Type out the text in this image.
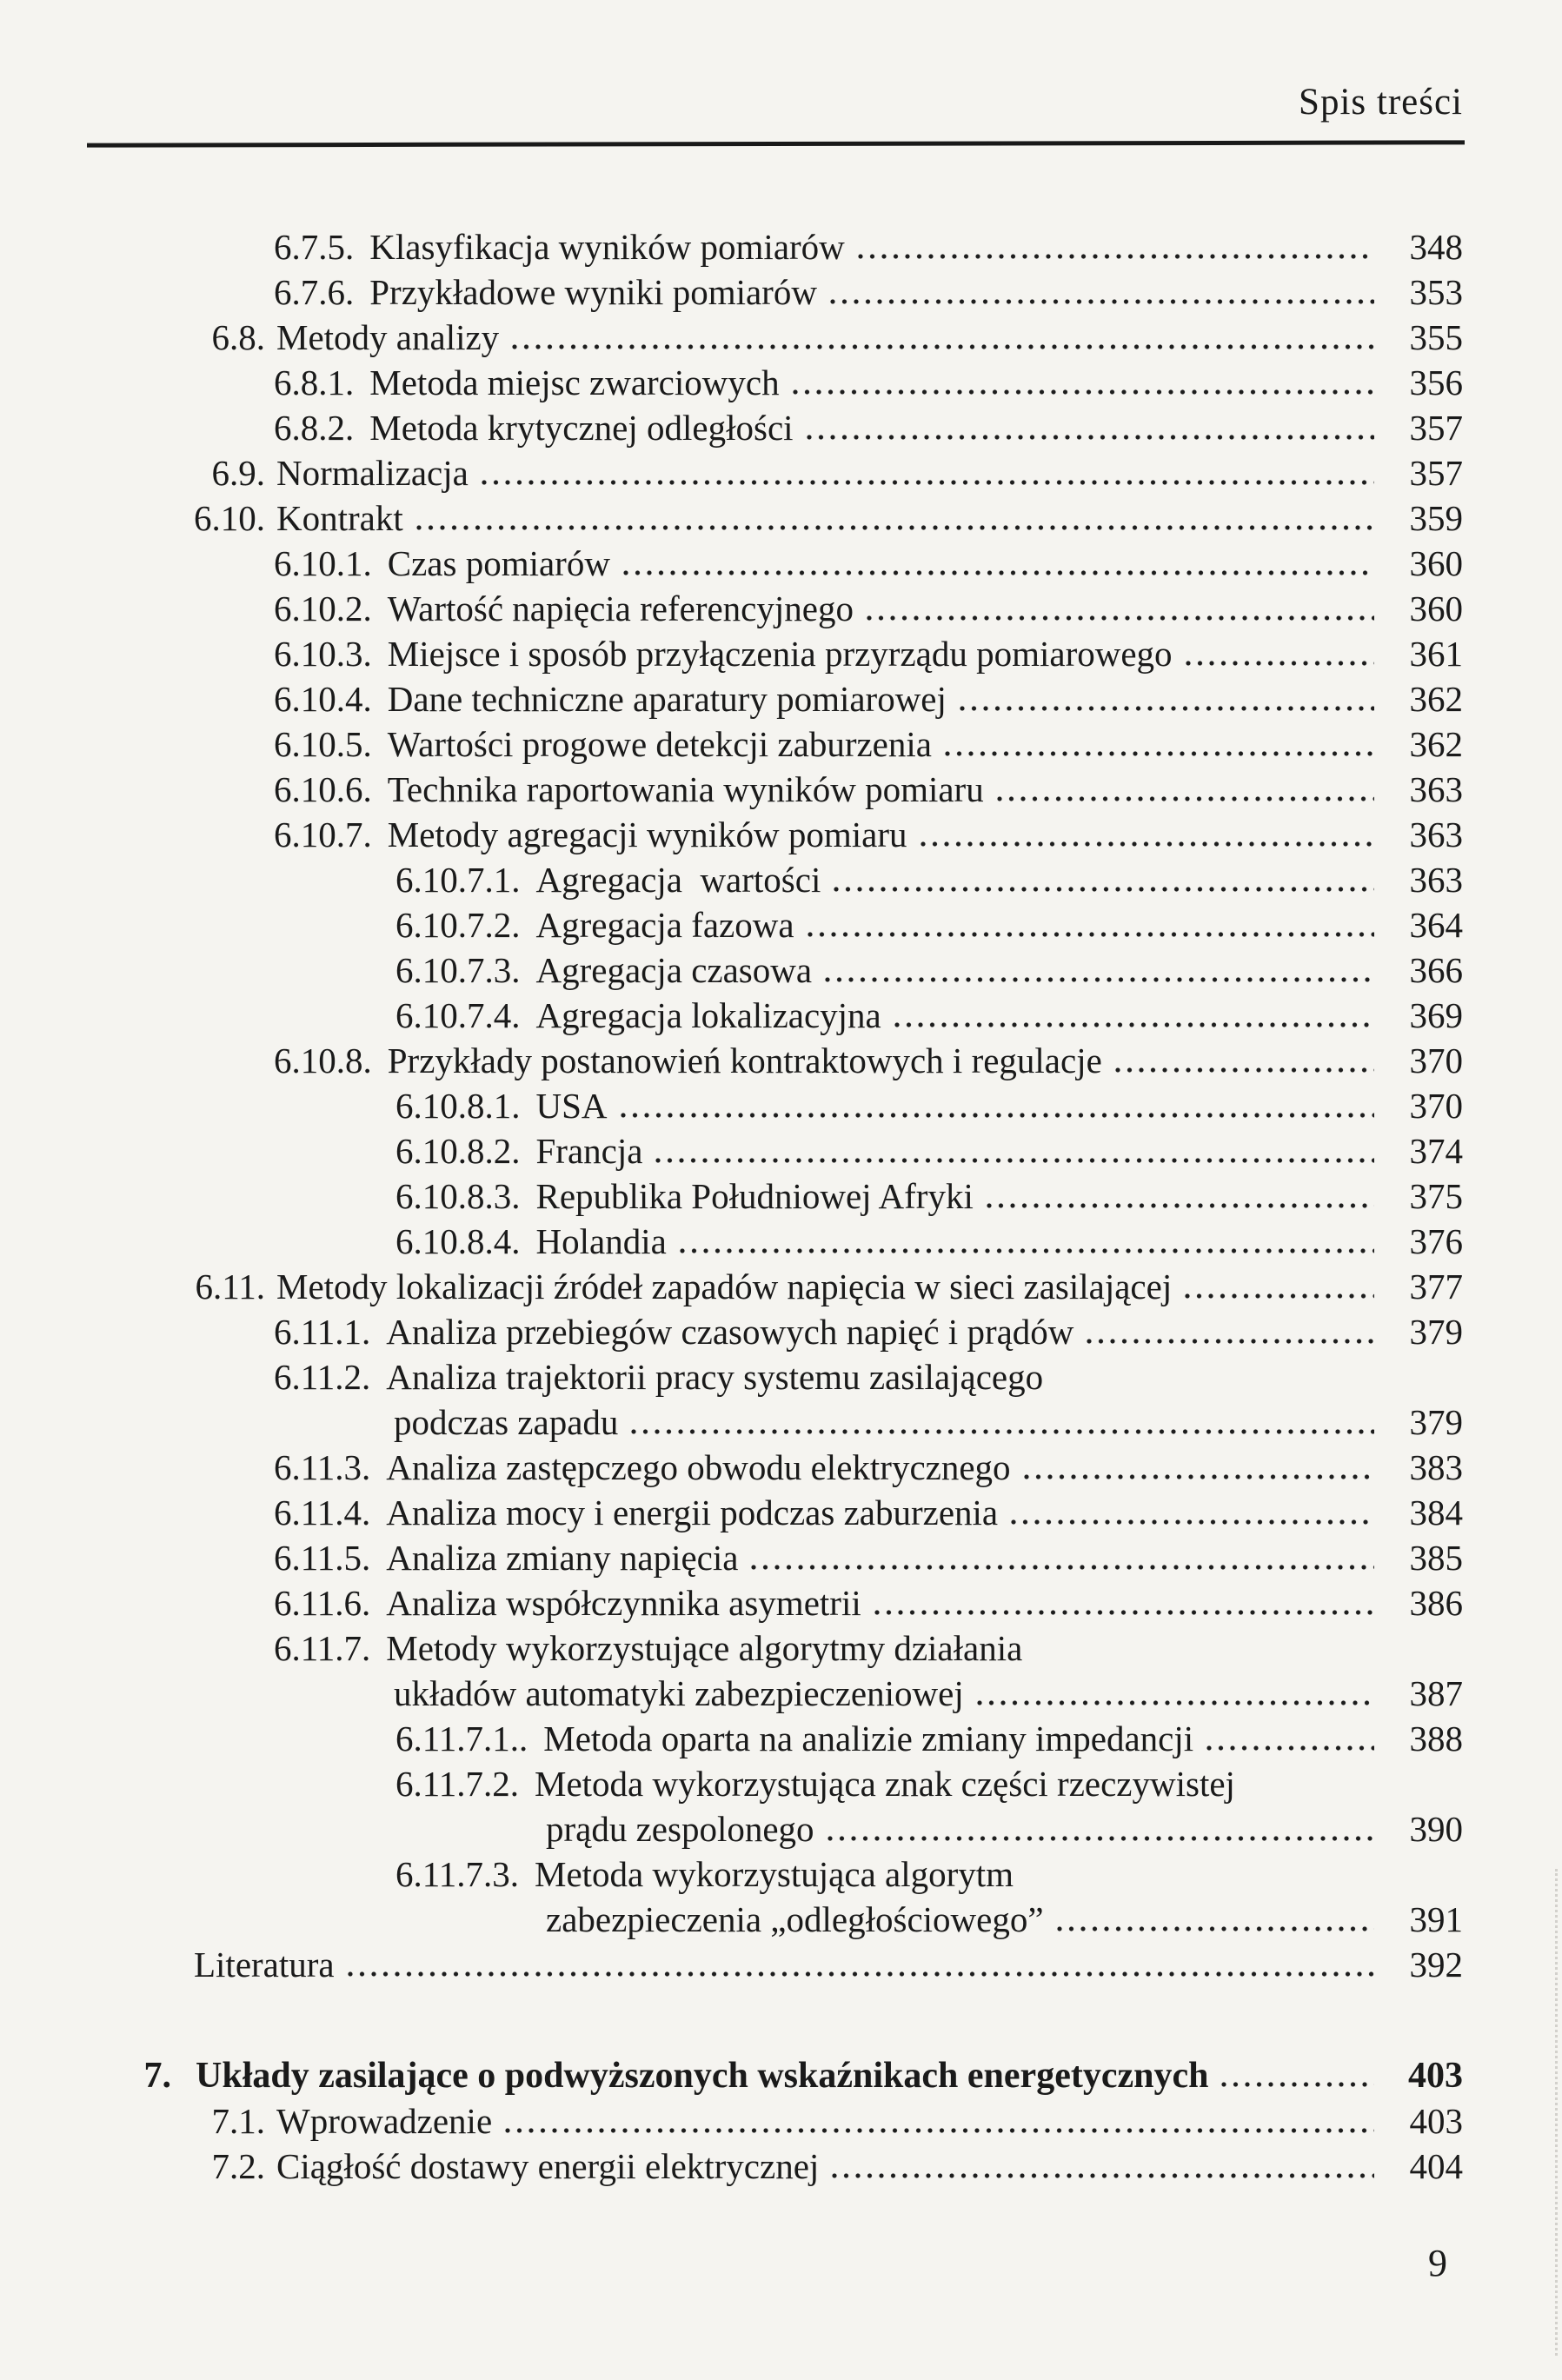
Spis treści
6.7.5. Klasyfikacja wyników pomiarów	348
6.7.6. Przykładowe wyniki pomiarów	353
6.8. Metody analizy	355
6.8.1. Metoda miejsc zwarciowych	356
6.8.2. Metoda krytycznej odległości	357
6.9. Normalizacja	357
6.10. Kontrakt	359
6.10.1. Czas pomiarów	360
6.10.2. Wartość napięcia referencyjnego	360
6.10.3. Miejsce i sposób przyłączenia przyrządu pomiarowego	361
6.10.4. Dane techniczne aparatury pomiarowej	362
6.10.5. Wartości progowe detekcji zaburzenia	362
6.10.6. Technika raportowania wyników pomiaru	363
6.10.7. Metody agregacji wyników pomiaru	363
6.10.7.1. Agregacja  wartości	363
6.10.7.2. Agregacja fazowa	364
6.10.7.3. Agregacja czasowa	366
6.10.7.4. Agregacja lokalizacyjna	369
6.10.8. Przykłady postanowień kontraktowych i regulacje	370
6.10.8.1. USA	370
6.10.8.2. Francja	374
6.10.8.3. Republika Południowej Afryki	375
6.10.8.4. Holandia	376
6.11. Metody lokalizacji źródeł zapadów napięcia w sieci zasilającej	377
6.11.1. Analiza przebiegów czasowych napięć i prądów	379
6.11.2. Analiza trajektorii pracy systemu zasilającego
podczas zapadu	379
6.11.3. Analiza zastępczego obwodu elektrycznego	383
6.11.4. Analiza mocy i energii podczas zaburzenia	384
6.11.5. Analiza zmiany napięcia	385
6.11.6. Analiza współczynnika asymetrii	386
6.11.7. Metody wykorzystujące algorytmy działania
układów automatyki zabezpieczeniowej	387
6.11.7.1.. Metoda oparta na analizie zmiany impedancji	388
6.11.7.2. Metoda wykorzystująca znak części rzeczywistej
prądu zespolonego	390
6.11.7.3. Metoda wykorzystująca algorytm
zabezpieczenia „odległościowego”	391
Literatura	392
7. Układy zasilające o podwyższonych wskaźnikach energetycznych	403
7.1. Wprowadzenie	403
7.2. Ciągłość dostawy energii elektrycznej	404
9
